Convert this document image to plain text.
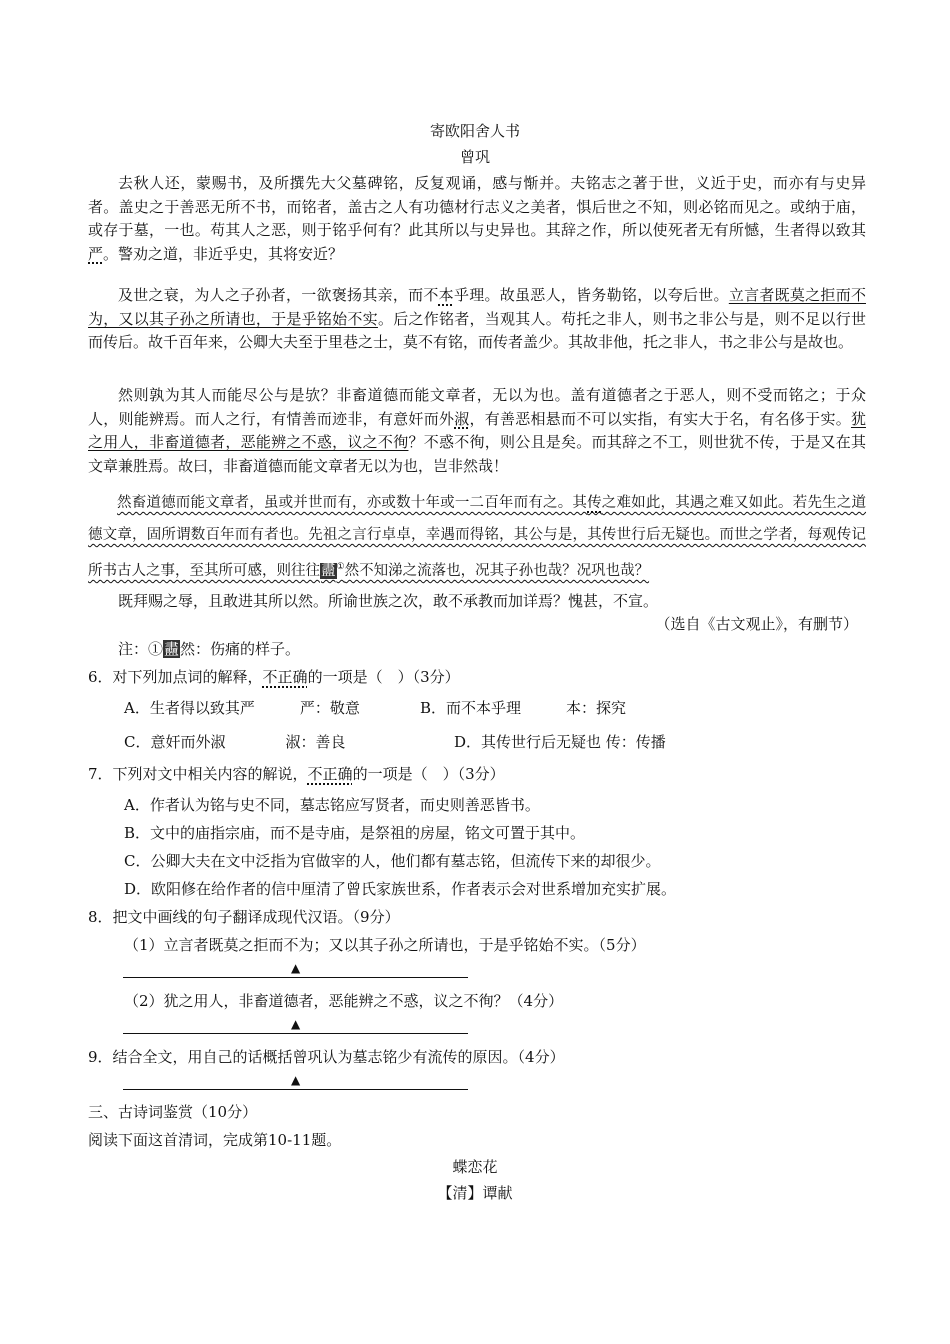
寄欧阳舍人书
曾巩
去秋人还，蒙赐书，及所撰先大父墓碑铭，反复观诵，感与惭并。夫铭志之著于世，义近于史，而亦有与史异者。盖史之于善恶无所不书，而铭者，盖古之人有功德材行志义之美者，惧后世之不知，则必铭而见之。或纳于庙，或存于墓，一也。苟其人之恶，则于铭乎何有？此其所以与史异也。其辞之作，所以使死者无有所憾，生者得以致其严。警劝之道，非近乎史，其将安近？
及世之衰，为人之子孙者，一欲褒扬其亲，而不本乎理。故虽恶人，皆务勒铭，以夸后世。立言者既莫之拒而不为，又以其子孙之所请也，于是乎铭始不实。后之作铭者，当观其人。苟托之非人，则书之非公与是，则不足以行世而传后。故千百年来，公卿大夫至于里巷之士，莫不有铭，而传者盖少。其故非他，托之非人，书之非公与是故也。
然则孰为其人而能尽公与是欤？非畜道德而能文章者，无以为也。盖有道德者之于恶人，则不受而铭之；于众人，则能辨焉。而人之行，有情善而迹非，有意奸而外淑，有善恶相悬而不可以实指，有实大于名，有名侈于实。犹之用人，非畜道德者，恶能辨之不惑，议之不徇？不惑不徇，则公且是矣。而其辞之不工，则世犹不传，于是又在其文章兼胜焉。故曰，非畜道德而能文章者无以为也，岂非然哉！
然畜道德而能文章者，虽或并世而有，亦或数十年或一二百年而有之。其传之难如此，其遇之难又如此。若先生之道德文章，固所谓数百年而有者也。先祖之言行卓卓，幸遇而得铭，其公与是，其传世行后无疑也。而世之学者，每观传记所书古人之事，至其所可感，则往往衋①然不知涕之流落也，况其子孙也哉？况巩也哉？
既拜赐之辱，且敢进其所以然。所谕世族之次，敢不承教而加详焉？愧甚，不宣。
（选自《古文观止》，有删节）
注：①衋然：伤痛的样子。
6．对下列加点词的解释，不正确的一项是（　）（3分）
A．生者得以致其严　　　严：敬意	B．而不本乎理　　　本：探究
C．意奸而外淑　　　　淑：善良	D．其传世行后无疑也 传：传播
7．下列对文中相关内容的解说，不正确的一项是（　）（3分）
A．作者认为铭与史不同，墓志铭应写贤者，而史则善恶皆书。
B．文中的庙指宗庙，而不是寺庙，是祭祖的房屋，铭文可置于其中。
C．公卿大夫在文中泛指为官做宰的人，他们都有墓志铭，但流传下来的却很少。
D．欧阳修在给作者的信中厘清了曾氏家族世系，作者表示会对世系增加充实扩展。
8．把文中画线的句子翻译成现代汉语。（9分）
（1）立言者既莫之拒而不为；又以其子孙之所请也，于是乎铭始不实。（5分）
▲
（2）犹之用人，非畜道德者，恶能辨之不惑，议之不徇？（4分）
▲
9．结合全文，用自己的话概括曾巩认为墓志铭少有流传的原因。（4分）
▲
三、古诗词鉴赏（10分）
阅读下面这首清词，完成第10-11题。
蝶恋花
【清】谭献
